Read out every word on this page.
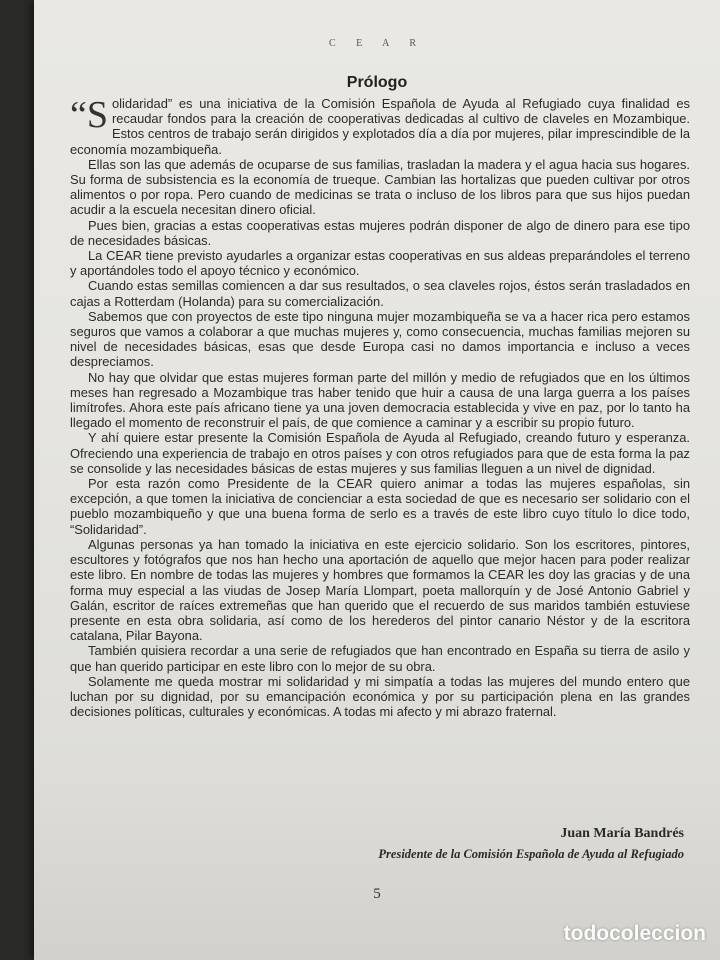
C E A R
Prólogo

“Solidaridad” es una iniciativa de la Comisión Española de Ayuda al Refugiado cuya finalidad es recaudar fondos para la creación de cooperativas dedicadas al cultivo de claveles en Mozambique. Estos centros de trabajo serán dirigidos y explotados día a día por mujeres, pilar imprescindible de la economía mozambiqueña.

Ellas son las que además de ocuparse de sus familias, trasladan la madera y el agua hacia sus hogares. Su forma de subsistencia es la economía de trueque. Cambian las hortalizas que pueden cultivar por otros alimentos o por ropa. Pero cuando de medicinas se trata o incluso de los libros para que sus hijos puedan acudir a la escuela necesitan dinero oficial.

Pues bien, gracias a estas cooperativas estas mujeres podrán disponer de algo de dinero para ese tipo de necesidades básicas.

La CEAR tiene previsto ayudarles a organizar estas cooperativas en sus aldeas preparándoles el terreno y aportándoles todo el apoyo técnico y económico.

Cuando estas semillas comiencen a dar sus resultados, o sea claveles rojos, éstos serán trasladados en cajas a Rotterdam (Holanda) para su comercialización.

Sabemos que con proyectos de este tipo ninguna mujer mozambiqueña se va a hacer rica pero estamos seguros que vamos a colaborar a que muchas mujeres y, como consecuencia, muchas familias mejoren su nivel de necesidades básicas, esas que desde Europa casi no damos importancia e incluso a veces despreciamos.

No hay que olvidar que estas mujeres forman parte del millón y medio de refugiados que en los últimos meses han regresado a Mozambique tras haber tenido que huir a causa de una larga guerra a los países limítrofes. Ahora este país africano tiene ya una joven democracia establecida y vive en paz, por lo tanto ha llegado el momento de reconstruir el país, de que comience a caminar y a escribir su propio futuro.

Y ahí quiere estar presente la Comisión Española de Ayuda al Refugiado, creando futuro y esperanza. Ofreciendo una experiencia de trabajo en otros países y con otros refugiados para que de esta forma la paz se consolide y las necesidades básicas de estas mujeres y sus familias lleguen a un nivel de dignidad.

Por esta razón como Presidente de la CEAR quiero animar a todas las mujeres españolas, sin excepción, a que tomen la iniciativa de concienciar a esta sociedad de que es necesario ser solidario con el pueblo mozambiqueño y que una buena forma de serlo es a través de este libro cuyo título lo dice todo, “Solidaridad”.

Algunas personas ya han tomado la iniciativa en este ejercicio solidario. Son los escritores, pintores, escultores y fotógrafos que nos han hecho una aportación de aquello que mejor hacen para poder realizar este libro. En nombre de todas las mujeres y hombres que formamos la CEAR les doy las gracias y de una forma muy especial a las viudas de Josep María Llompart, poeta mallorquín y de José Antonio Gabriel y Galán, escritor de raíces extremeñas que han querido que el recuerdo de sus maridos también estuviese presente en esta obra solidaria, así como de los herederos del pintor canario Néstor y de la escritora catalana, Pilar Bayona.

También quisiera recordar a una serie de refugiados que han encontrado en España su tierra de asilo y que han querido participar en este libro con lo mejor de su obra.

Solamente me queda mostrar mi solidaridad y mi simpatía a todas las mujeres del mundo entero que luchan por su dignidad, por su emancipación económica y por su participación plena en las grandes decisiones políticas, culturales y económicas. A todas mi afecto y mi abrazo fraternal.

Juan María Bandrés
Presidente de la Comisión Española de Ayuda al Refugiado
5
todocoleccion
